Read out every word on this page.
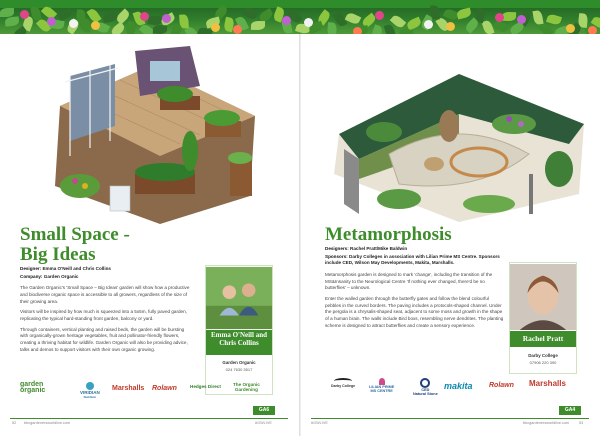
Small Space -
Big Ideas

Designer: Emma O'Neill and Chris Collins

Company: Garden Organic

The Garden Organic's 'Small Space – Big Ideas' garden will show how a productive and biodiverse organic space is accessible to all growers, regardless of the size of their growing area.

Visitors will be inspired by how much is squeezed into a 5x5m, fully paved garden, replicating the typical hard-standing front garden, balcony or yard.

Through containers, vertical planting and raised beds, the garden will be bursting with organically-grown heritage vegetables, fruit and pollinator-friendly flowers, creating a thriving habitat for wildlife. Garden Organic will also be providing advice, talks and demos to support visitors with their own organic growing.

Emma O'Neill and
Chris Collins
Garden Organic
024 7630 3517
garden
organic	VIRIDIAN
Nutrition
Marshalls Rolawn	Hedges Direct	The Organic
Gardening
GA6
52 bbcgardenersworldlive.com	#GWLIVE
Metamorphosis

Designers: Rachel Pratt/Mike Baldwin

Sponsors: Darby Colleges in association with Lilian Prime MS Centre. Sponsors include CED, Wilson May Developments, Makita, Marshalls.

Metamorphosis garden is designed to mark 'change', including the transition of the MS&Insanity to the Neurological Centre 'If nothing ever changed, there'd be no butterflies' – unknown.

Enter the walled garden through the butterfly gates and follow the blend colourful pebbles in the curved borders. The paving includes a protocols-shaped channel. Under the pergola is a chrysalis-shaped seat, adjacent to some moss and growth in the shape of a human brain. The walls include Bird boxs, resembling nerve dendrites. The planting scheme is designed to attract butterflies and create a sensory experience.

Rachel Pratt
Darby College
07906 220 390
Darby College	LILIAN PRIME
MS CENTRE	CED
Natural Stone
makita Rolawn Marshalls
GA4
#GWLIVE	bbcgardenersworldlive.com	53
